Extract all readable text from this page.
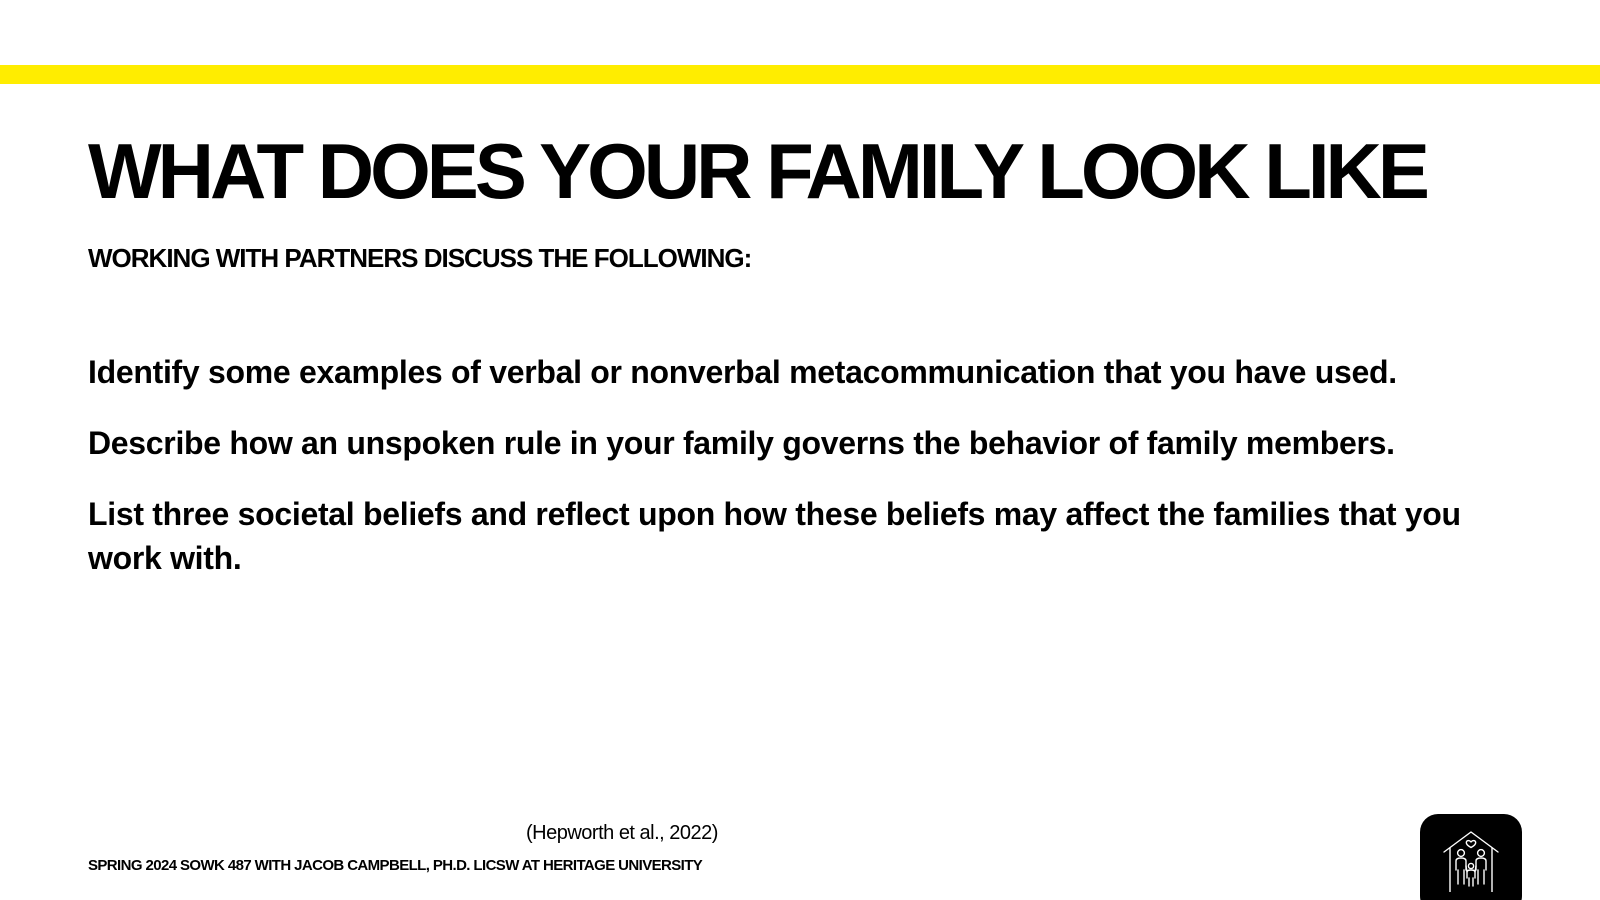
WHAT DOES YOUR FAMILY LOOK LIKE

WORKING WITH PARTNERS DISCUSS THE FOLLOWING:

Identify some examples of verbal or nonverbal metacommunication that you have used.
Describe how an unspoken rule in your family governs the behavior of family members.
List three societal beliefs and reflect upon how these beliefs may affect the families that you work with.

(Hepworth et al., 2022)

SPRING 2024 SOWK 487 WITH JACOB CAMPBELL, PH.D. LICSW AT HERITAGE UNIVERSITY
